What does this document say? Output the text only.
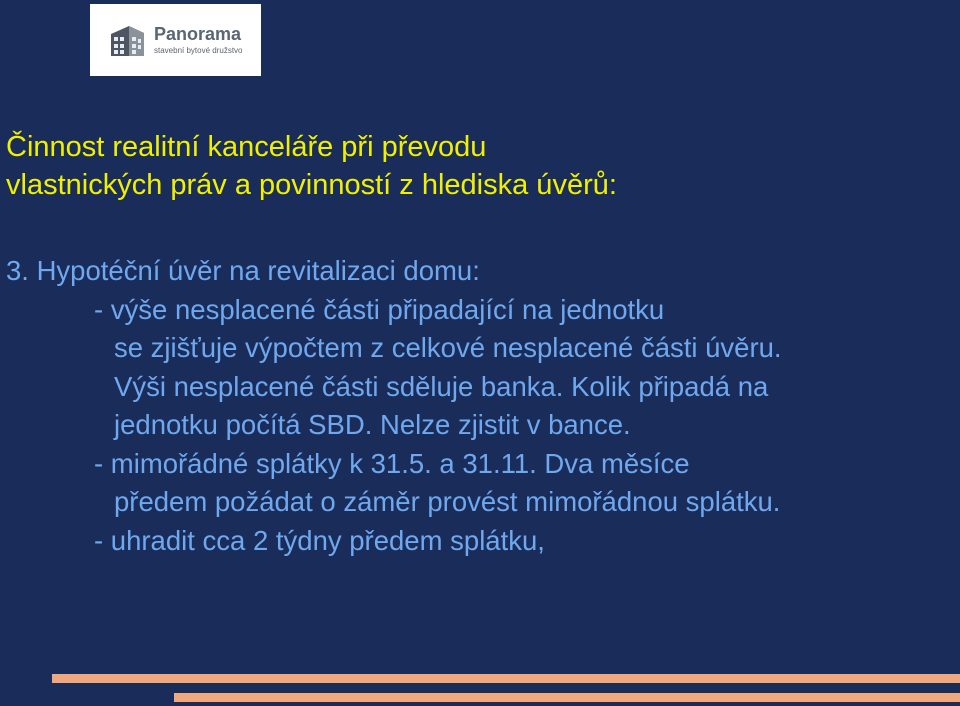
Panorama
stavební bytové družstvo
Činnost realitní kanceláře při převodu
vlastnických práv a povinností z hlediska úvěrů:
3. Hypotéční úvěr na revitalizaci domu:
- výše nesplacené části připadající na jednotku
se zjišťuje výpočtem z celkové nesplacené části úvěru.
Výši nesplacené části sděluje banka. Kolik připadá na
jednotku počítá SBD. Nelze zjistit v bance.
- mimořádné splátky k 31.5. a 31.11. Dva měsíce
předem požádat o záměr provést mimořádnou splátku.
- uhradit cca 2 týdny předem splátku,
